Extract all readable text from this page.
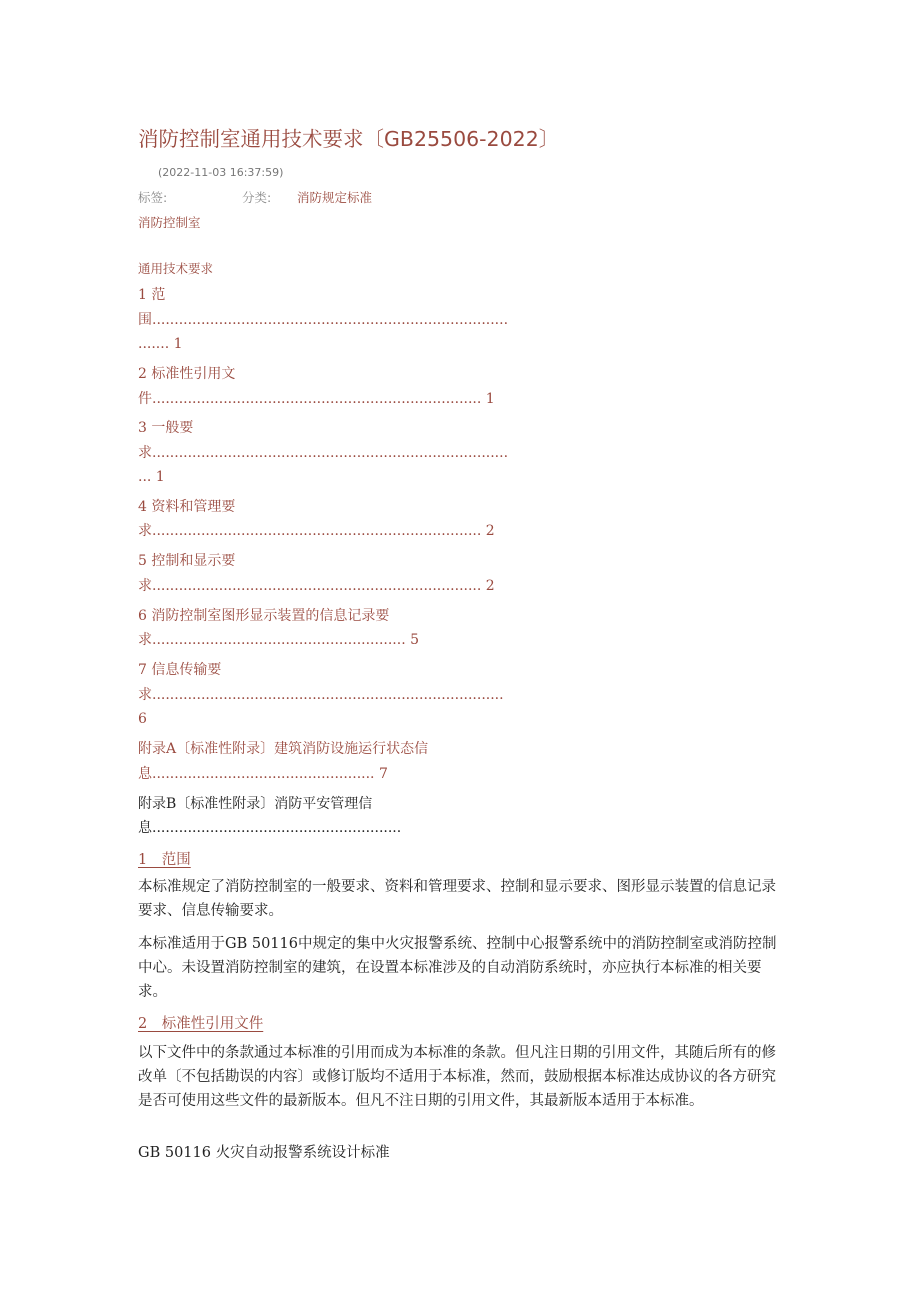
消防控制室通用技术要求〔GB25506-2022〕
(2022-11-03 16:37:59)
标签:	分类: 消防规定标准
消防控制室
通用技术要求
1 范
围................................................................................
....... 1
2 标准性引用文
件.......................................................................... 1
3 一般要
求................................................................................
... 1
4 资料和管理要
求.......................................................................... 2
5 控制和显示要
求.......................................................................... 2
6 消防控制室图形显示装置的信息记录要
求......................................................... 5
7 信息传输要
求...............................................................................
6
附录A〔标准性附录〕建筑消防设施运行状态信
息.................................................. 7
附录B〔标准性附录〕消防平安管理信
息........................................................
1　范围

本标准规定了消防控制室的一般要求、资料和管理要求、控制和显示要求、图形显示装置的信息记录要求、信息传输要求。

本标准适用于GB 50116中规定的集中火灾报警系统、控制中心报警系统中的消防控制室或消防控制中心。未设置消防控制室的建筑，在设置本标准涉及的自动消防系统时，亦应执行本标准的相关要求。

2　标准性引用文件

以下文件中的条款通过本标准的引用而成为本标准的条款。但凡注日期的引用文件，其随后所有的修改单〔不包括勘误的内容〕或修订版均不适用于本标准，然而，鼓励根据本标准达成协议的各方研究是否可使用这些文件的最新版本。但凡不注日期的引用文件，其最新版本适用于本标准。

GB 50116 火灾自动报警系统设计标准
